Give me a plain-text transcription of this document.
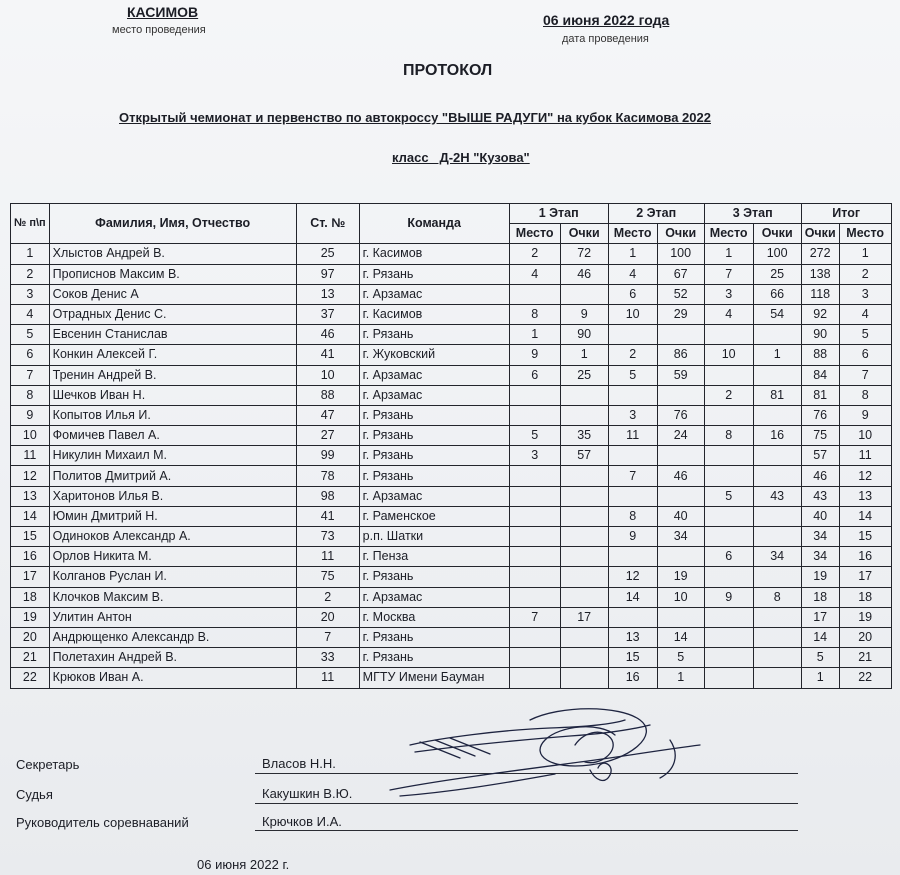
КАСИМОВ
место проведения
06 июня 2022 года
дата проведения
ПРОТОКОЛ
Открытый чемионат и первенство по автокроссу "ВЫШЕ РАДУГИ" на кубок Касимова 2022
класс   Д-2Н "Кузова"
№ п\п	Фамилия, Имя, Отчество	Ст. №	Команда	1 Этап		2 Этап		3 Этап		Итог	
				Место	Очки	Место	Очки	Место	Очки	Очки	Место
1	Хлыстов Андрей В.	25	г. Касимов	2	72	1	100	1	100	272	1
2	Прописнов Максим В.	97	г. Рязань	4	46	4	67	7	25	138	2
3	Соков Денис А	13	г. Арзамас			6	52	3	66	118	3
4	Отрадных Денис С.	37	г. Касимов	8	9	10	29	4	54	92	4
5	Евсенин Станислав	46	г. Рязань	1	90					90	5
6	Конкин Алексей Г.	41	г. Жуковский	9	1	2	86	10	1	88	6
7	Тренин Андрей В.	10	г. Арзамас	6	25	5	59			84	7
8	Шечков Иван Н.	88	г. Арзамас					2	81	81	8
9	Копытов Илья И.	47	г. Рязань			3	76			76	9
10	Фомичев Павел А.	27	г. Рязань	5	35	11	24	8	16	75	10
11	Никулин Михаил М.	99	г. Рязань	3	57					57	11
12	Политов Дмитрий А.	78	г. Рязань			7	46			46	12
13	Харитонов Илья В.	98	г. Арзамас					5	43	43	13
14	Юмин Дмитрий Н.	41	г. Раменское			8	40			40	14
15	Одиноков Александр А.	73	р.п. Шатки			9	34			34	15
16	Орлов Никита М.	11	г. Пенза					6	34	34	16
17	Колганов Руслан И.	75	г. Рязань			12	19			19	17
18	Клочков Максим В.	2	г. Арзамас			14	10	9	8	18	18
19	Улитин Антон	20	г. Москва	7	17					17	19
20	Андрющенко Александр В.	7	г. Рязань			13	14			14	20
21	Полетахин Андрей В.	33	г. Рязань			15	5			5	21
22	Крюков Иван А.	11	МГТУ Имени Бауман			16	1			1	22
Секретарь	Власов Н.Н.
Судья	Какушкин В.Ю.
Руководитель соревнаваний	Крючков И.А.
06 июня 2022 г.
